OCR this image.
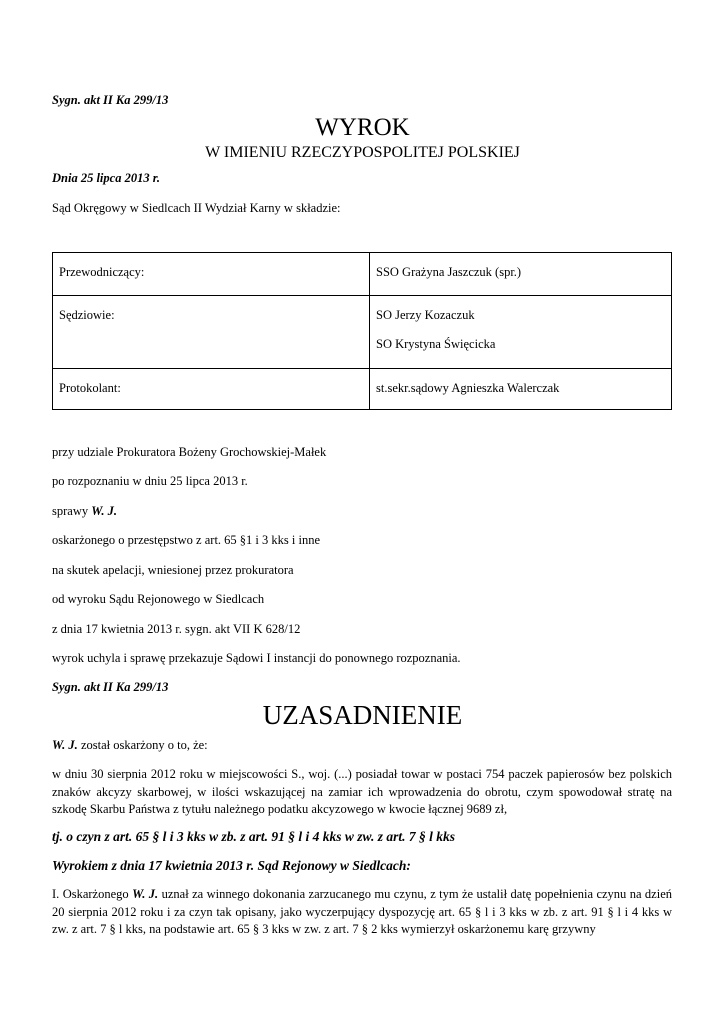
Sygn. akt II Ka 299/13
WYROK
W IMIENIU RZECZYPOSPOLITEJ POLSKIEJ
Dnia 25 lipca 2013 r.
Sąd Okręgowy w Siedlcach II Wydział Karny w składzie:
Przewodniczący:	SSO Grażyna Jaszczuk (spr.)

Sędziowie:	SO Jerzy Kozaczuk
SO Krystyna Święcicka

Protokolant:	st.sekr.sądowy Agnieszka Walerczak
przy udziale Prokuratora Bożeny Grochowskiej-Małek
po rozpoznaniu w dniu 25 lipca 2013 r.
sprawy W. J.
oskarżonego o przestępstwo z art. 65 §1 i 3 kks i inne
na skutek apelacji, wniesionej przez prokuratora
od wyroku Sądu Rejonowego w Siedlcach
z dnia 17 kwietnia 2013 r. sygn. akt VII K 628/12
wyrok uchyla i sprawę przekazuje Sądowi I instancji do ponownego rozpoznania.
Sygn. akt II Ka 299/13
UZASADNIENIE
W. J. został oskarżony o to, że:
w dniu 30 sierpnia 2012 roku w miejscowości S., woj. (...) posiadał towar w postaci 754 paczek papierosów bez polskich znaków akcyzy skarbowej, w ilości wskazującej na zamiar ich wprowadzenia do obrotu, czym spowodował stratę na szkodę Skarbu Państwa z tytułu należnego podatku akcyzowego w kwocie łącznej 9689 zł,
tj. o czyn z art. 65 § l i 3 kks w zb. z art. 91 § l i 4 kks w zw. z art. 7 § l kks
Wyrokiem z dnia 17 kwietnia 2013 r. Sąd Rejonowy w Siedlcach:
I. Oskarżonego W. J. uznał za winnego dokonania zarzucanego mu czynu, z tym że ustalił datę popełnienia czynu na dzień 20 sierpnia 2012 roku i za czyn tak opisany, jako wyczerpujący dyspozycję art. 65 § l i 3 kks w zb. z art. 91 § l i 4 kks w zw. z art. 7 § l kks, na podstawie art. 65 § 3 kks w zw. z art. 7 § 2 kks wymierzył oskarżonemu karę grzywny
